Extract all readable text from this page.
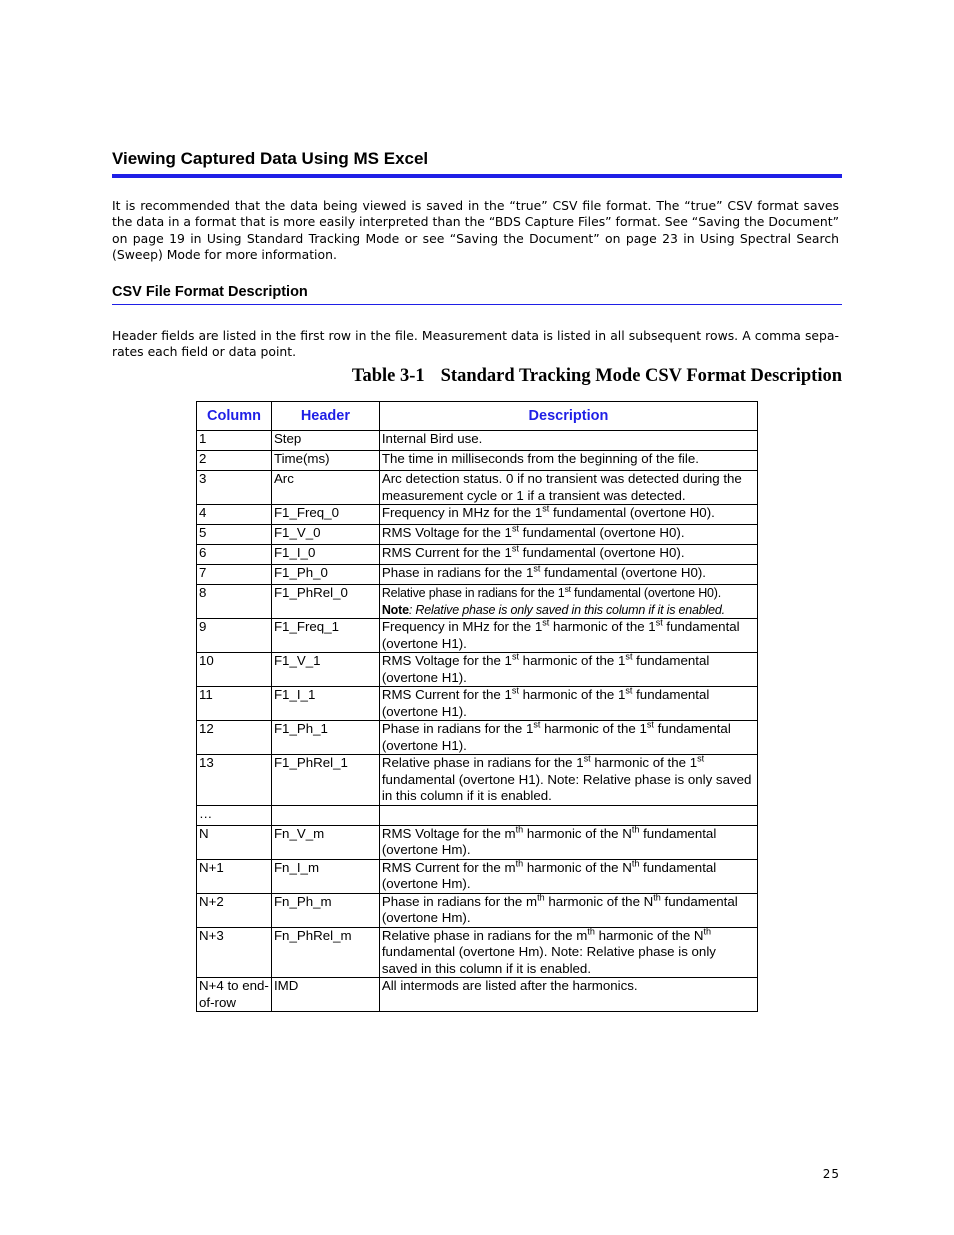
Viewing Captured Data Using MS Excel
It is recommended that the data being viewed is saved in the “true” CSV file format. The “true” CSV format saves the data in a format that is more easily interpreted than the “BDS Capture Files” format. See “Saving the Document” on page 19 in Using Standard Tracking Mode or see “Saving the Document” on page 23 in Using Spectral Search (Sweep) Mode for more information.
CSV File Format Description
Header fields are listed in the first row in the file. Measurement data is listed in all subsequent rows. A comma sepa-rates each field or data point.
Table 3-1 Standard Tracking Mode CSV Format Description
Column	Header	Description
1	Step	Internal Bird use.
2	Time(ms)	The time in milliseconds from the beginning of the file.
3	Arc	Arc detection status. 0 if no transient was detected during the measurement cycle or 1 if a transient was detected.
4	F1_Freq_0	Frequency in MHz for the 1st fundamental (overtone H0).
5	F1_V_0	RMS Voltage for the 1st fundamental (overtone H0).
6	F1_I_0	RMS Current for the 1st fundamental (overtone H0).
7	F1_Ph_0	Phase in radians for the 1st fundamental (overtone H0).
8	F1_PhRel_0	Relative phase in radians for the 1st fundamental (overtone H0).
Note: Relative phase is only saved in this column if it is enabled.
9	F1_Freq_1	Frequency in MHz for the 1st harmonic of the 1st fundamental (overtone H1).
10	F1_V_1	RMS Voltage for the 1st harmonic of the 1st fundamental (overtone H1).
11	F1_I_1	RMS Current for the 1st harmonic of the 1st fundamental (overtone H1).
12	F1_Ph_1	Phase in radians for the 1st harmonic of the 1st fundamental (overtone H1).
13	F1_PhRel_1	Relative phase in radians for the 1st harmonic of the 1st fundamental (overtone H1). Note: Relative phase is only saved in this column if it is enabled.
…		
N	Fn_V_m	RMS Voltage for the $m^{th}$ harmonic of the $N^{th}$ fundamental (overtone Hm).
N+1	Fn_I_m	RMS Current for the $m^{th}$ harmonic of the $N^{th}$ fundamental (overtone Hm).
N+2	Fn_Ph_m	Phase in radians for the $m^{th}$ harmonic of the $N^{th}$ fundamental (overtone Hm).
N+3	Fn_PhRel_m	Relative phase in radians for the $m^{th}$ harmonic of the $N^{th}$ fundamental (overtone Hm). Note: Relative phase is only saved in this column if it is enabled.
N+4 to end-of-row	IMD	All intermods are listed after the harmonics.
25
